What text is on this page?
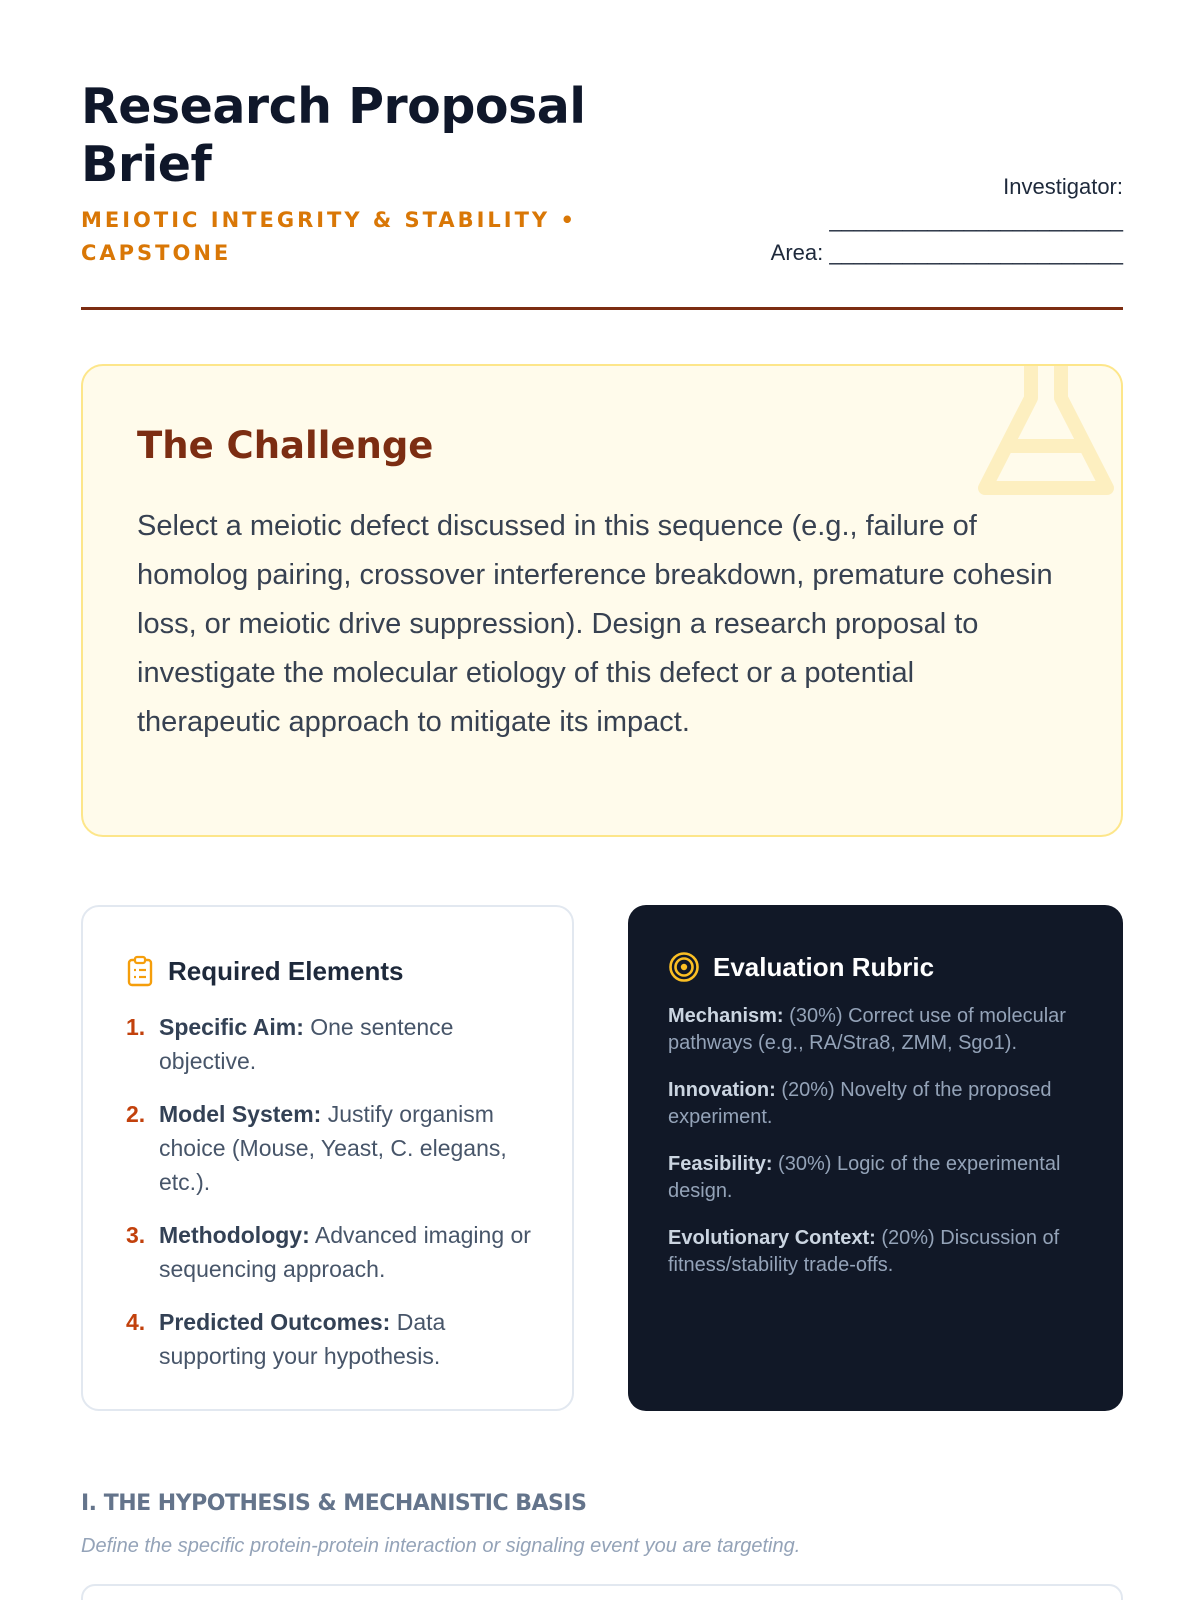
Research Proposal Brief
MEIOTIC INTEGRITY & STABILITY • CAPSTONE
Investigator: ________________________
Area: ________________________
The Challenge

Select a meiotic defect discussed in this sequence (e.g., failure of homolog pairing, crossover interference breakdown, premature cohesin loss, or meiotic drive suppression). Design a research proposal to investigate the molecular etiology of this defect or a potential therapeutic approach to mitigate its impact.

Required Elements
1. Specific Aim: One sentence objective.
2. Model System: Justify organism choice (Mouse, Yeast, C. elegans, etc.).
3. Methodology: Advanced imaging or sequencing approach.
4. Predicted Outcomes: Data supporting your hypothesis.
Evaluation Rubric
Mechanism: (30%) Correct use of molecular pathways (e.g., RA/Stra8, ZMM, Sgo1).
Innovation: (20%) Novelty of the proposed experiment.
Feasibility: (30%) Logic of the experimental design.
Evolutionary Context: (20%) Discussion of fitness/stability trade-offs.
I. THE HYPOTHESIS & MECHANISTIC BASIS
Define the specific protein-protein interaction or signaling event you are targeting.
